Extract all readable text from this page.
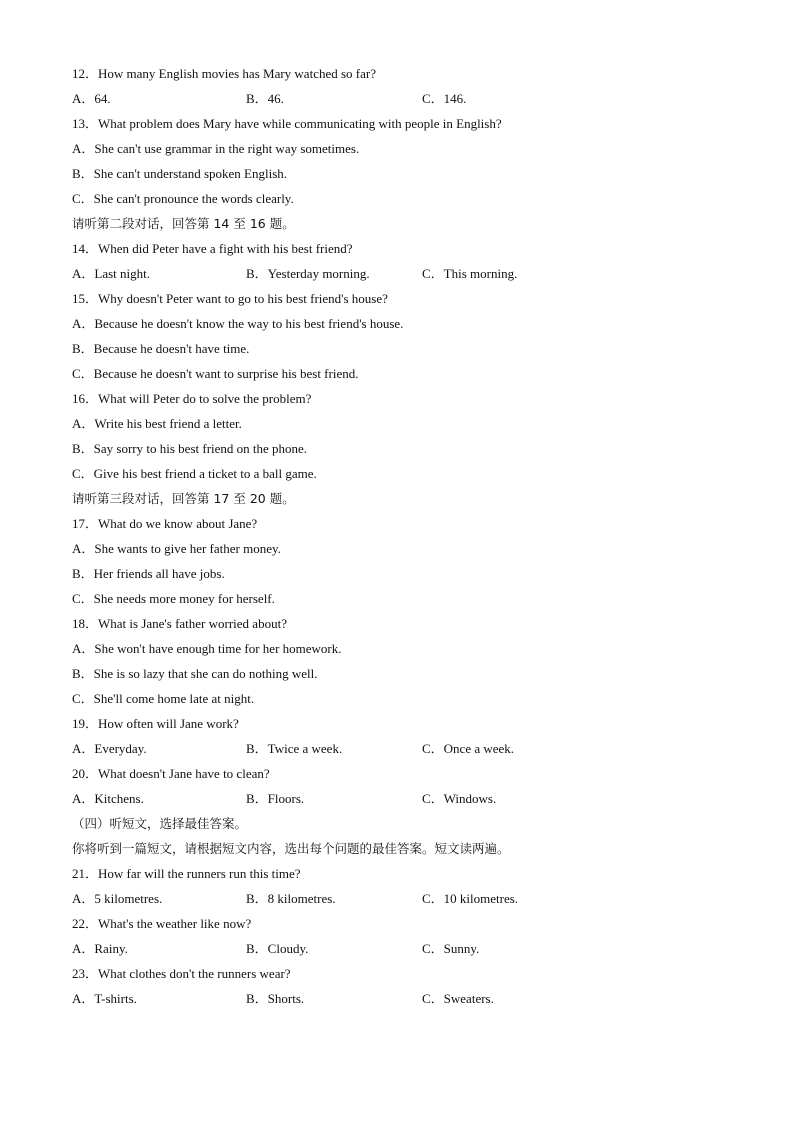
12．How many English movies has Mary watched so far?
A．64.	B．46.	C．146.
13．What problem does Mary have while communicating with people in English?
A．She can't use grammar in the right way sometimes.
B．She can't understand spoken English.
C．She can't pronounce the words clearly.
请听第二段对话，回答第 14 至 16 题。
14．When did Peter have a fight with his best friend?
A．Last night.	B．Yesterday morning.	C．This morning.
15．Why doesn't Peter want to go to his best friend's house?
A．Because he doesn't know the way to his best friend's house.
B．Because he doesn't have time.
C．Because he doesn't want to surprise his best friend.
16．What will Peter do to solve the problem?
A．Write his best friend a letter.
B．Say sorry to his best friend on the phone.
C．Give his best friend a ticket to a ball game.
请听第三段对话，回答第 17 至 20 题。
17．What do we know about Jane?
A．She wants to give her father money.
B．Her friends all have jobs.
C．She needs more money for herself.
18．What is Jane's father worried about?
A．She won't have enough time for her homework.
B．She is so lazy that she can do nothing well.
C．She'll come home late at night.
19．How often will Jane work?
A．Everyday.	B．Twice a week.	C．Once a week.
20．What doesn't Jane have to clean?
A．Kitchens.	B．Floors.	C．Windows.
（四）听短文，选择最佳答案。
你将听到一篇短文，请根据短文内容，选出每个问题的最佳答案。短文读两遍。
21．How far will the runners run this time?
A．5 kilometres.	B．8 kilometres.	C．10 kilometres.
22．What's the weather like now?
A．Rainy.	B．Cloudy.	C．Sunny.
23．What clothes don't the runners wear?
A．T-shirts.	B．Shorts.	C．Sweaters.
